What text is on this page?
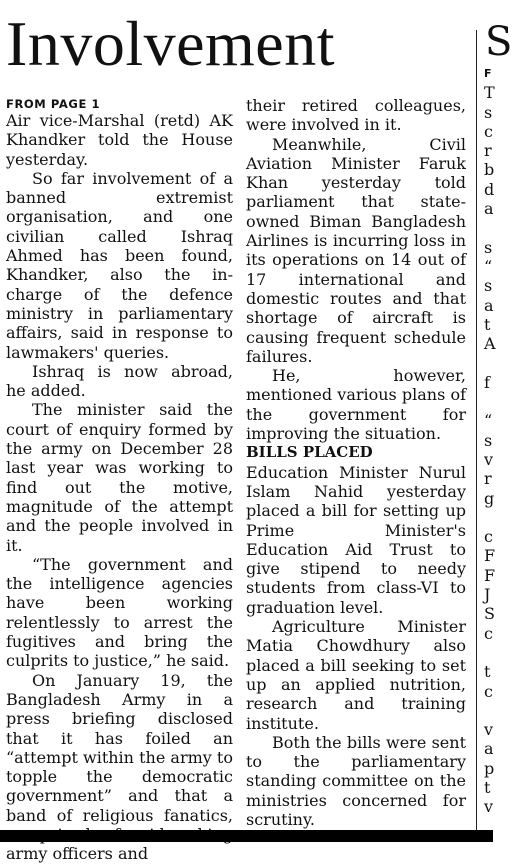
Involvement

FROM PAGE 1

Air vice-Marshal (retd) AK Khandker told the House yesterday.

So far involvement of a banned extremist organisation, and one civilian called Ishraq Ahmed has been found, Khandker, also the in-charge of the defence ministry in parliamentary affairs, said in response to lawmakers' queries.

Ishraq is now abroad, he added.

The minister said the court of enquiry formed by the army on December 28 last year was working to find out the motive, magnitude of the attempt and the people involved in it.

“The government and the intelligence agencies have been working relentlessly to arrest the fugitives and bring the culprits to justice,” he said.

On January 19, the Bangladesh Army in a press briefing disclosed that it has foiled an “attempt within the army to topple the democratic government” and that a band of religious fanatics, army officers and

their retired colleagues, were involved in it.

Meanwhile, Civil Aviation Minister Faruk Khan yesterday told parliament that state-owned Biman Bangladesh Airlines is incurring loss in its operations on 14 out of 17 international and domestic routes and that shortage of aircraft is causing frequent schedule failures.

He, however, mentioned various plans of the government for improving the situation.

BILLS PLACED

Education Minister Nurul Islam Nahid yesterday placed a bill for setting up Prime Minister's Education Aid Trust to give stipend to needy students from class-VI to graduation level.

Agriculture Minister Matia Chowdhury also placed a bill seeking to set up an applied nutrition, research and training institute.

Both the bills were sent to the parliamentary standing committee on the ministries concerned for scrutiny.

S
F
T
s
c
r
b
d
a
s
“
s
a
t
A
f
“
s
v
r
g
c
F
F
J
S
c
t
c
v
a
p
t
v
